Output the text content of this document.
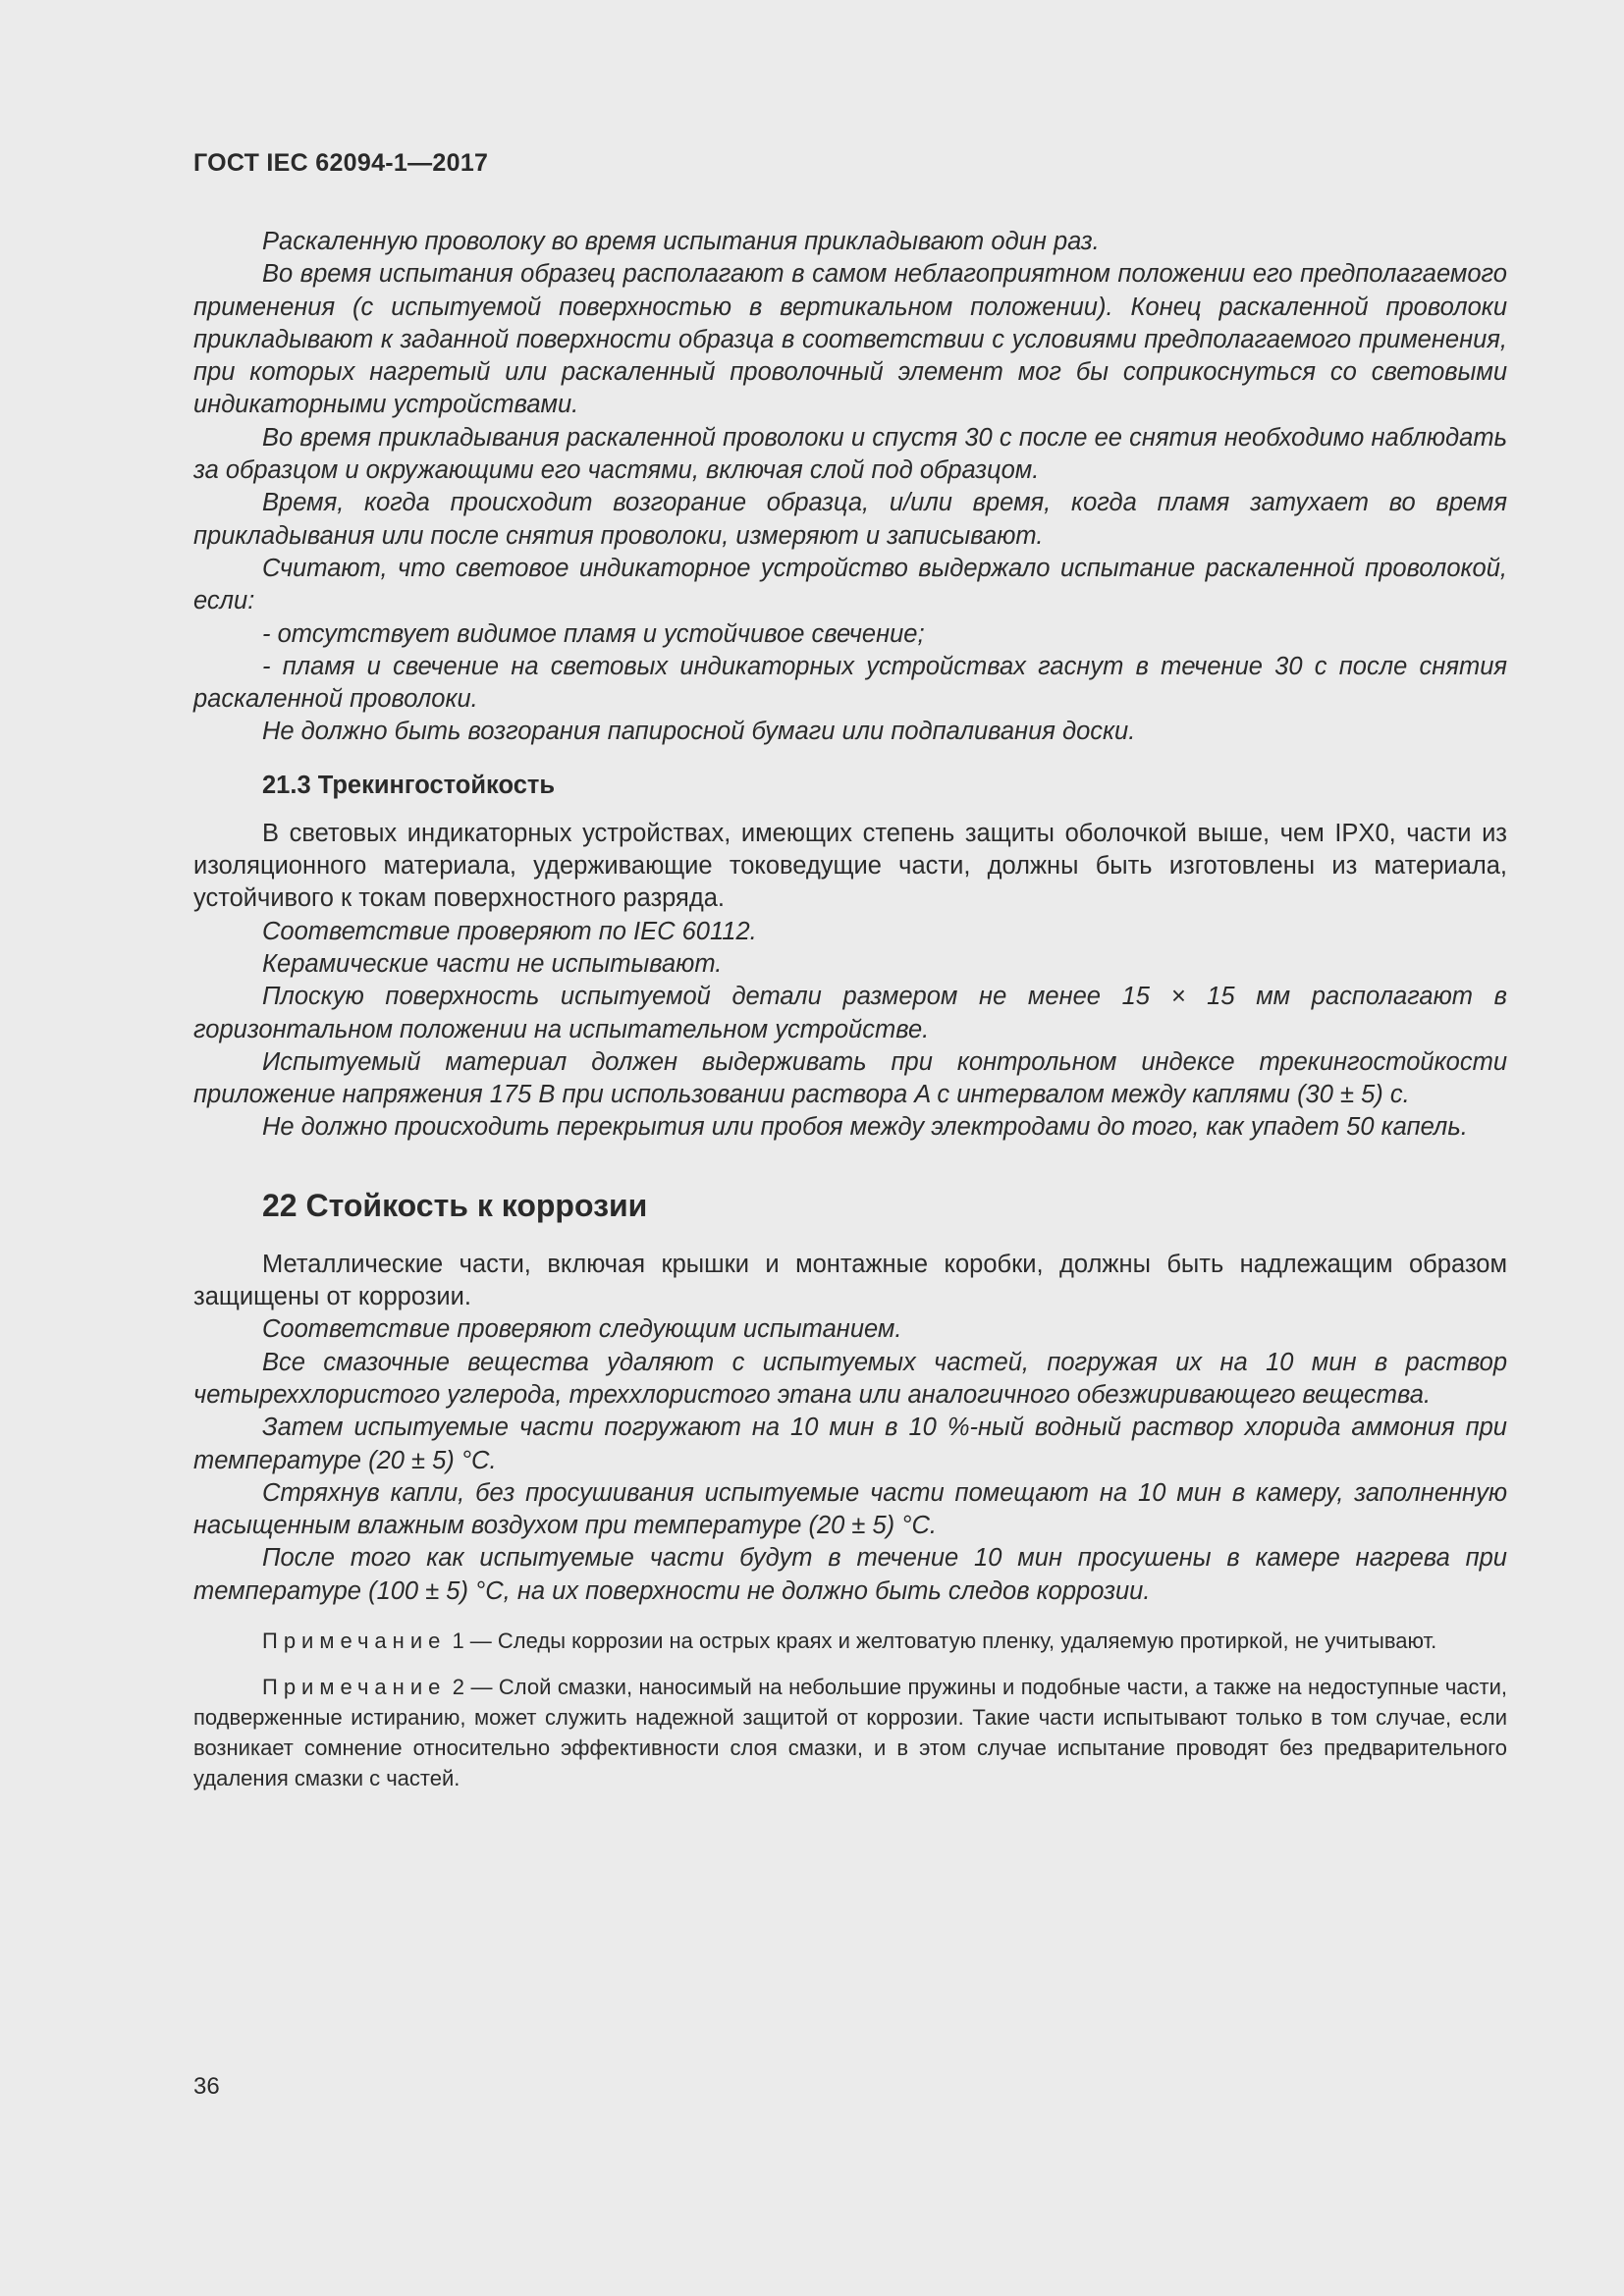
ГОСТ IEC 62094-1—2017

Раскаленную проволоку во время испытания прикладывают один раз.

Во время испытания образец располагают в самом неблагоприятном положении его предполагаемого применения (с испытуемой поверхностью в вертикальном положении). Конец раскаленной проволоки прикладывают к заданной поверхности образца в соответствии с условиями предполагаемого применения, при которых нагретый или раскаленный проволочный элемент мог бы соприкоснуться со световыми индикаторными устройствами.

Во время прикладывания раскаленной проволоки и спустя 30 с после ее снятия необходимо наблюдать за образцом и окружающими его частями, включая слой под образцом.

Время, когда происходит возгорание образца, и/или время, когда пламя затухает во время прикладывания или после снятия проволоки, измеряют и записывают.

Считают, что световое индикаторное устройство выдержало испытание раскаленной проволокой, если:

- отсутствует видимое пламя и устойчивое свечение;

- пламя и свечение на световых индикаторных устройствах гаснут в течение 30 с после снятия раскаленной проволоки.

Не должно быть возгорания папиросной бумаги или подпаливания доски.

21.3 Трекингостойкость

В световых индикаторных устройствах, имеющих степень защиты оболочкой выше, чем IPX0, части из изоляционного материала, удерживающие токоведущие части, должны быть изготовлены из материала, устойчивого к токам поверхностного разряда.

Соответствие проверяют по IEC 60112.

Керамические части не испытывают.

Плоскую поверхность испытуемой детали размером не менее 15 × 15 мм располагают в горизонтальном положении на испытательном устройстве.

Испытуемый материал должен выдерживать при контрольном индексе трекингостойкости приложение напряжения 175 В при использовании раствора A с интервалом между каплями (30 ± 5) с.

Не должно происходить перекрытия или пробоя между электродами до того, как упадет 50 капель.

22 Стойкость к коррозии

Металлические части, включая крышки и монтажные коробки, должны быть надлежащим образом защищены от коррозии.

Соответствие проверяют следующим испытанием.

Все смазочные вещества удаляют с испытуемых частей, погружая их на 10 мин в раствор четыреххлористого углерода, треххлористого этана или аналогичного обезжиривающего вещества.

Затем испытуемые части погружают на 10 мин в 10 %-ный водный раствор хлорида аммония при температуре (20 ± 5) °C.

Стряхнув капли, без просушивания испытуемые части помещают на 10 мин в камеру, заполненную насыщенным влажным воздухом при температуре (20 ± 5) °C.

После того как испытуемые части будут в течение 10 мин просушены в камере нагрева при температуре (100 ± 5) °C, на их поверхности не должно быть следов коррозии.

Примечание 1 — Следы коррозии на острых краях и желтоватую пленку, удаляемую протиркой, не учитывают.

Примечание 2 — Слой смазки, наносимый на небольшие пружины и подобные части, а также на недоступные части, подверженные истиранию, может служить надежной защитой от коррозии. Такие части испытывают только в том случае, если возникает сомнение относительно эффективности слоя смазки, и в этом случае испытание проводят без предварительного удаления смазки с частей.

36
